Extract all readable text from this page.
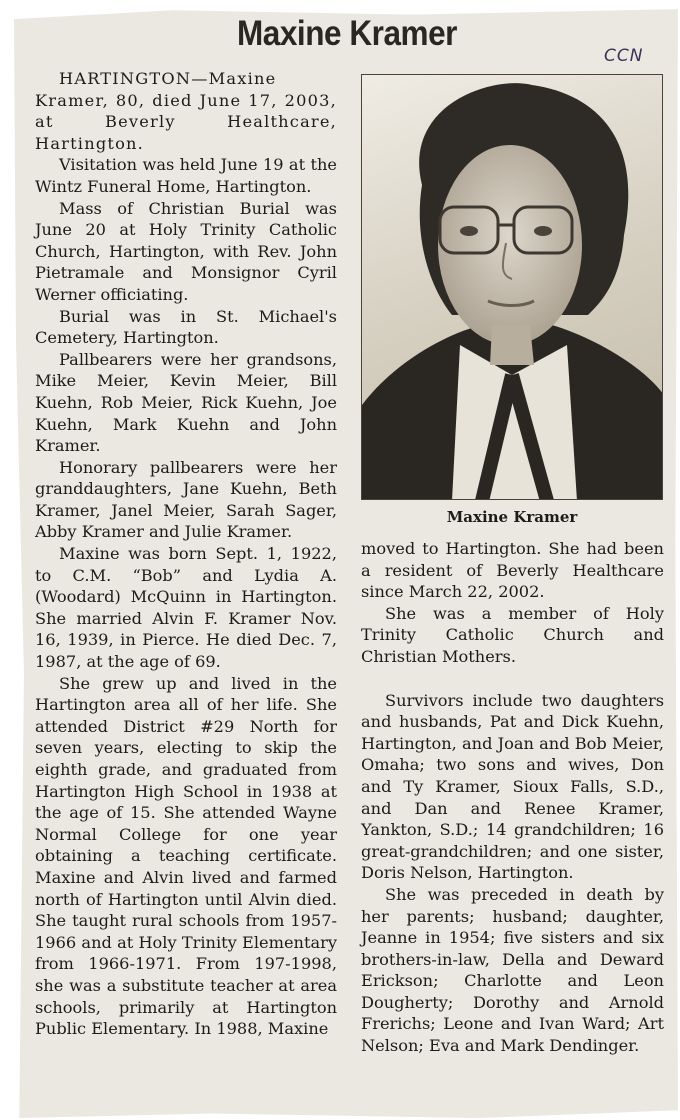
Maxine Kramer
CCN

HARTINGTON—Maxine Kramer, 80, died June 17, 2003, at Beverly Healthcare, Hartington.

Visitation was held June 19 at the Wintz Funeral Home, Hartington.

Mass of Christian Burial was June 20 at Holy Trinity Catholic Church, Hartington, with Rev. John Pietramale and Monsignor Cyril Werner officiating.

Burial was in St. Michael's Cemetery, Hartington.

Pallbearers were her grandsons, Mike Meier, Kevin Meier, Bill Kuehn, Rob Meier, Rick Kuehn, Joe Kuehn, Mark Kuehn and John Kramer.

Honorary pallbearers were her granddaughters, Jane Kuehn, Beth Kramer, Janel Meier, Sarah Sager, Abby Kramer and Julie Kramer.

Maxine was born Sept. 1, 1922, to C.M. “Bob” and Lydia A. (Woodard) McQuinn in Hartington. She married Alvin F. Kramer Nov. 16, 1939, in Pierce. He died Dec. 7, 1987, at the age of 69.

She grew up and lived in the Hartington area all of her life. She attended District #29 North for seven years, electing to skip the eighth grade, and graduated from Hartington High School in 1938 at the age of 15. She attended Wayne Normal College for one year obtaining a teaching certificate. Maxine and Alvin lived and farmed north of Hartington until Alvin died. She taught rural schools from 1957-1966 and at Holy Trinity Elementary from 1966-1971. From 197-1998, she was a substitute teacher at area schools, primarily at Hartington Public Elementary. In 1988, Maxine

Maxine Kramer

moved to Hartington. She had been a resident of Beverly Healthcare since March 22, 2002.

She was a member of Holy Trinity Catholic Church and Christian Mothers.

Survivors include two daughters and husbands, Pat and Dick Kuehn, Hartington, and Joan and Bob Meier, Omaha; two sons and wives, Don and Ty Kramer, Sioux Falls, S.D., and Dan and Renee Kramer, Yankton, S.D.; 14 grandchildren; 16 great-grandchildren; and one sister, Doris Nelson, Hartington.

She was preceded in death by her parents; husband; daughter, Jeanne in 1954; five sisters and six brothers-in-law, Della and Deward Erickson; Charlotte and Leon Dougherty; Dorothy and Arnold Frerichs; Leone and Ivan Ward; Art Nelson; Eva and Mark Dendinger.
